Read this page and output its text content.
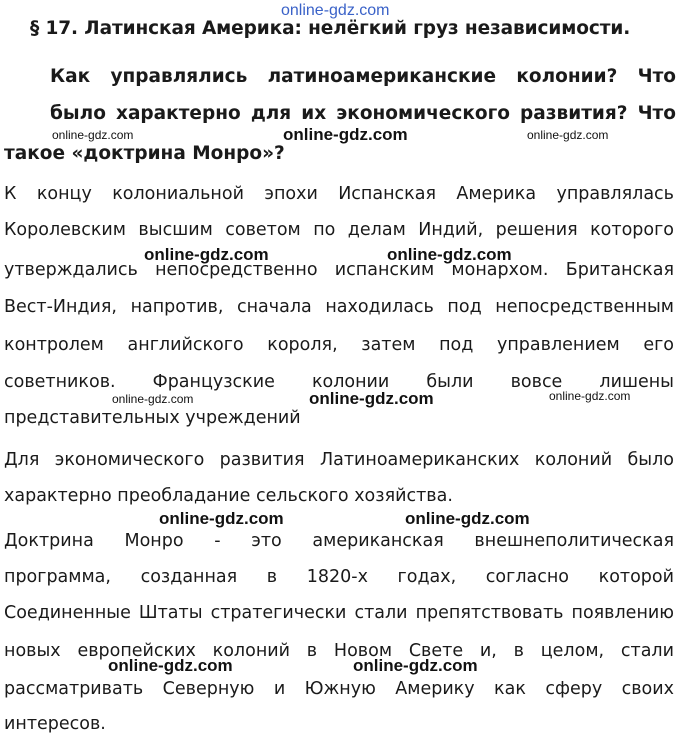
online-gdz.com
§ 17. Латинская Америка: нелёгкий груз независимости.
Как управлялись латиноамериканские колонии? Что
было характерно для их экономического развития? Что
такое «доктрина Монро»?
К концу колониальной эпохи Испанская Америка управлялась
Королевским высшим советом по делам Индий, решения которого
утверждались непосредственно испанским монархом. Британская
Вест-Индия, напротив, сначала находилась под непосредственным
контролем английского короля, затем под управлением его
советников. Французские колонии были вовсе лишены
представительных учреждений
Для экономического развития Латиноамериканских колоний было
характерно преобладание сельского хозяйства.
Доктрина Монро - это американская внешнеполитическая
программа, созданная в 1820-х годах, согласно которой
Соединенные Штаты стратегически стали препятствовать появлению
новых европейских колоний в Новом Свете и, в целом, стали
рассматривать Северную и Южную Америку как сферу своих
интересов.
online-gdz.com	online-gdz.com	online-gdz.com
online-gdz.com	online-gdz.com
online-gdz.com	online-gdz.com	online-gdz.com
online-gdz.com	online-gdz.com
online-gdz.com	online-gdz.com
